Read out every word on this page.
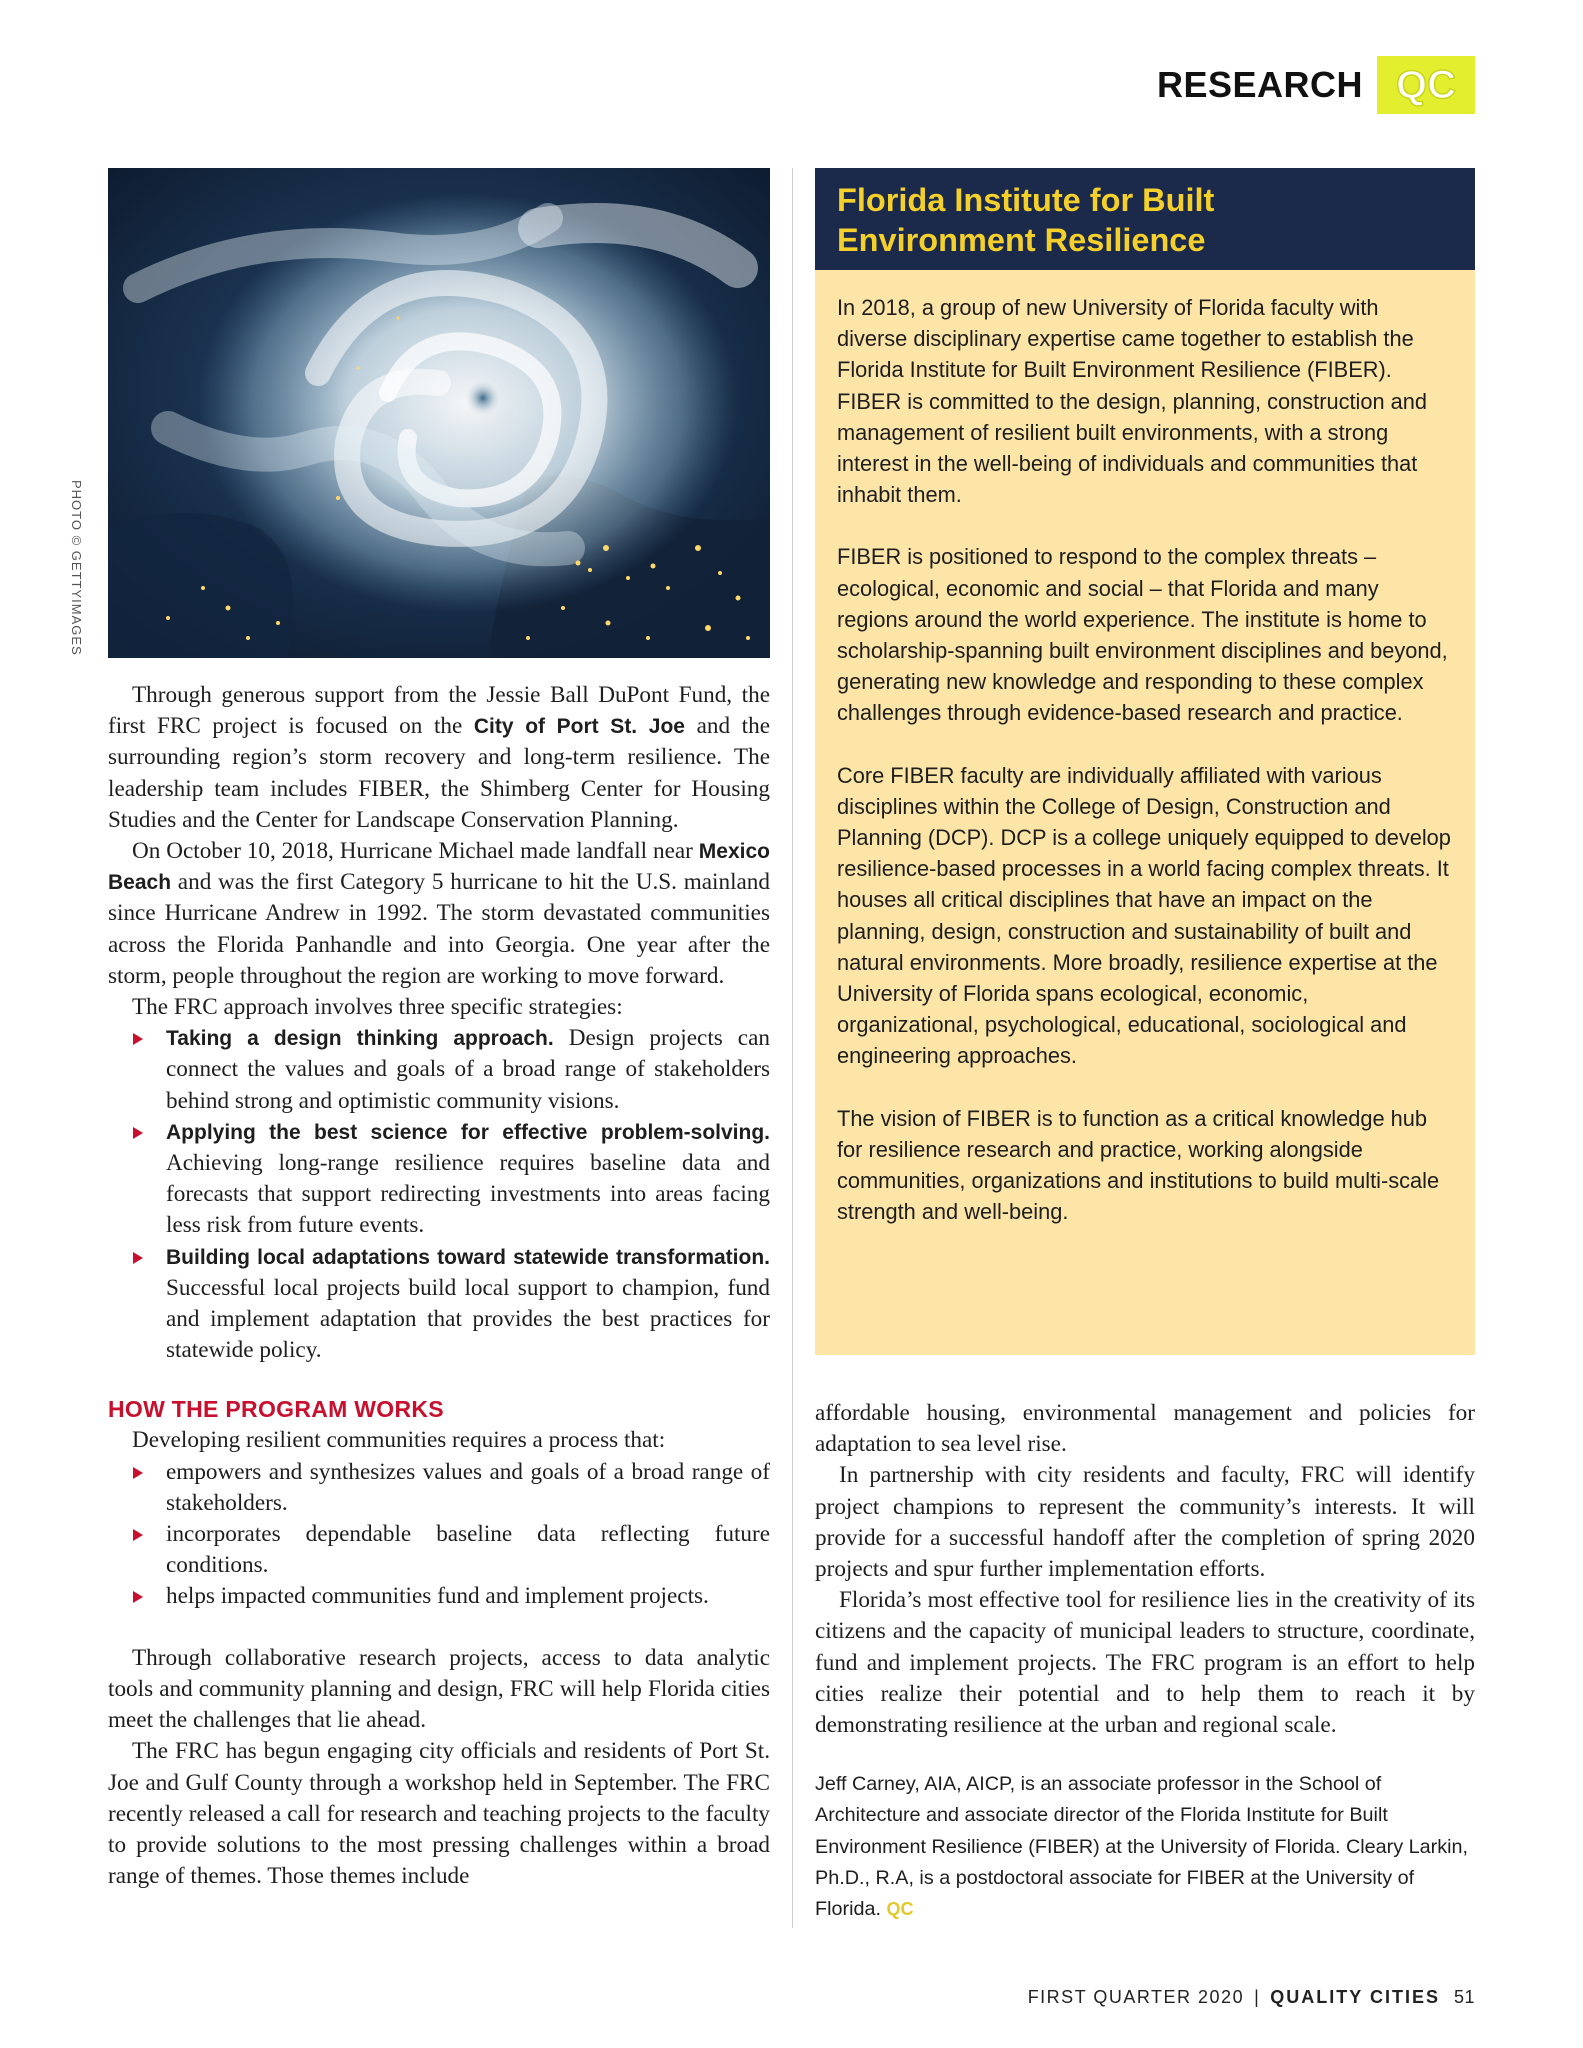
RESEARCH QC
PHOTO © GETTYIMAGES

Through generous support from the Jessie Ball DuPont Fund, the first FRC project is focused on the City of Port St. Joe and the surrounding region’s storm recovery and long-term resilience. The leadership team includes FIBER, the Shimberg Center for Housing Studies and the Center for Landscape Conservation Planning.

On October 10, 2018, Hurricane Michael made landfall near Mexico Beach and was the first Category 5 hurricane to hit the U.S. mainland since Hurricane Andrew in 1992. The storm devastated communities across the Florida Panhandle and into Georgia. One year after the storm, people throughout the region are working to move forward.

The FRC approach involves three specific strategies:

Taking a design thinking approach. Design projects can connect the values and goals of a broad range of stakeholders behind strong and optimistic community visions.
Applying the best science for effective problem-solving. Achieving long-range resilience requires baseline data and forecasts that support redirecting investments into areas facing less risk from future events.
Building local adaptations toward statewide transformation. Successful local projects build local support to champion, fund and implement adaptation that provides the best practices for statewide policy.
HOW THE PROGRAM WORKS

Developing resilient communities requires a process that:

empowers and synthesizes values and goals of a broad range of stakeholders.
incorporates dependable baseline data reflecting future conditions.
helps impacted communities fund and implement projects.

Through collaborative research projects, access to data analytic tools and community planning and design, FRC will help Florida cities meet the challenges that lie ahead.

The FRC has begun engaging city officials and residents of Port St. Joe and Gulf County through a workshop held in September. The FRC recently released a call for research and teaching projects to the faculty to provide solutions to the most pressing challenges within a broad range of themes. Those themes include

Florida Institute for Built
Environment Resilience

In 2018, a group of new University of Florida faculty with diverse disciplinary expertise came together to establish the Florida Institute for Built Environment Resilience (FIBER). FIBER is committed to the design, planning, construction and management of resilient built environments, with a strong interest in the well-being of individuals and communities that inhabit them.

FIBER is positioned to respond to the complex threats – ecological, economic and social – that Florida and many regions around the world experience. The institute is home to scholarship-spanning built environment disciplines and beyond, generating new knowledge and responding to these complex challenges through evidence-based research and practice.

Core FIBER faculty are individually affiliated with various disciplines within the College of Design, Construction and Planning (DCP). DCP is a college uniquely equipped to develop resilience-based processes in a world facing complex threats. It houses all critical disciplines that have an impact on the planning, design, construction and sustainability of built and natural environments. More broadly, resilience expertise at the University of Florida spans ecological, economic, organizational, psychological, educational, sociological and engineering approaches.

The vision of FIBER is to function as a critical knowledge hub for resilience research and practice, working alongside communities, organizations and institutions to build multi-scale strength and well-being.

affordable housing, environmental management and policies for adaptation to sea level rise.

In partnership with city residents and faculty, FRC will identify project champions to represent the community’s interests. It will provide for a successful handoff after the completion of spring 2020 projects and spur further implementation efforts.

Florida’s most effective tool for resilience lies in the creativity of its citizens and the capacity of municipal leaders to structure, coordinate, fund and implement projects. The FRC program is an effort to help cities realize their potential and to help them to reach it by demonstrating resilience at the urban and regional scale.

Jeff Carney, AIA, AICP, is an associate professor in the School of Architecture and associate director of the Florida Institute for Built Environment Resilience (FIBER) at the University of Florida. Cleary Larkin, Ph.D., R.A, is a postdoctoral associate for FIBER at the University of Florida. QC

FIRST QUARTER 2020 | QUALITY CITIES 51
